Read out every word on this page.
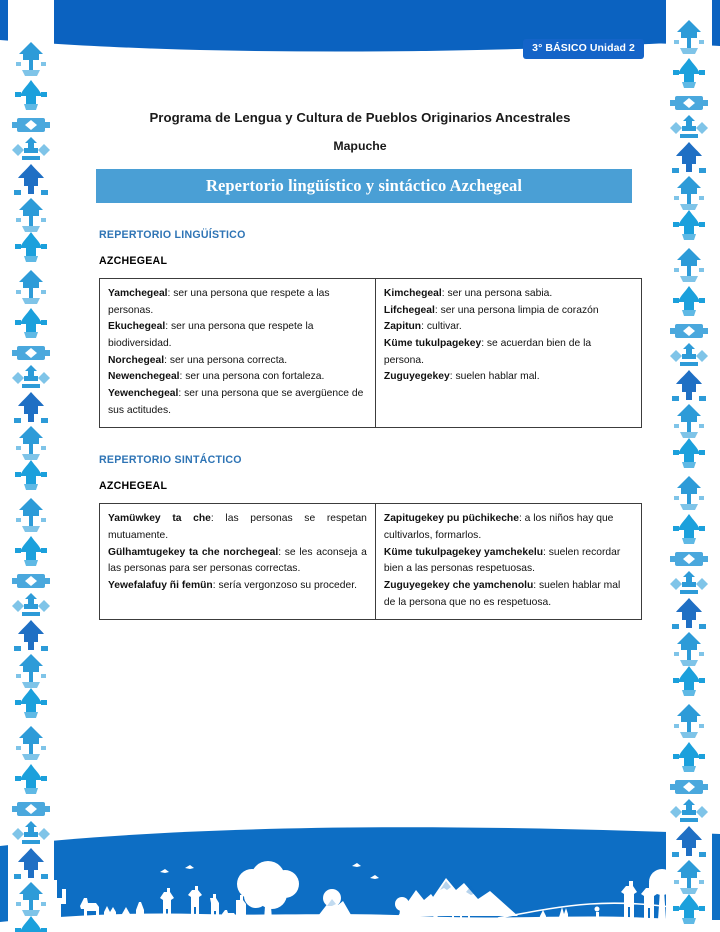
3° BÁSICO Unidad 2
Programa de Lengua y Cultura de Pueblos Originarios Ancestrales
Mapuche
Repertorio lingüístico y sintáctico Azchegeal
REPERTORIO LINGÜÍSTICO
AZCHEGEAL

Yamchegeal: ser una persona que respete a las personas.

Ekuchegeal: ser una persona que respete la biodiversidad.

Norchegeal: ser una persona correcta.

Newenchegeal: ser una persona con fortaleza.

Yewenchegeal: ser una persona que se avergüence de sus actitudes.

Kimchegeal: ser una persona sabia.

Lifchegeal: ser una persona limpia de corazón

Zapitun: cultivar.

Küme tukulpagekey: se acuerdan bien de la persona.

Zuguyegekey: suelen hablar mal.

REPERTORIO SINTÁCTICO
AZCHEGEAL

Yamüwkey ta che: las personas se respetan mutuamente.

Gülhamtugekey ta che norchegeal: se les aconseja a las personas para ser personas correctas.

Yewefalafuy ñi femün: sería vergonzoso su proceder.

Zapitugekey pu püchikeche: a los niños hay que cultivarlos, formarlos.

Küme tukulpagekey yamchekelu: suelen recordar bien a las personas respetuosas.

Zuguyegekey che yamchenolu: suelen hablar mal de la persona que no es respetuosa.
